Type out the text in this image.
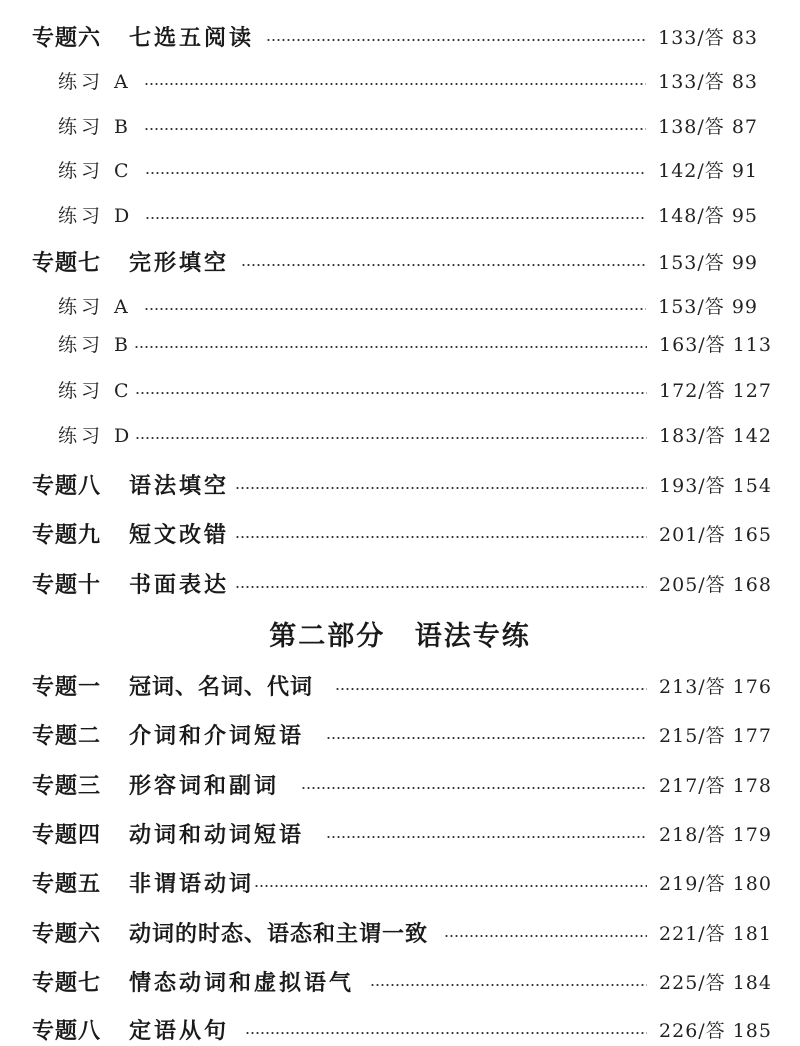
专题六 七选五阅读	133/答 83
练习 A	133/答 83
练习 B	138/答 87
练习 C	142/答 91
练习 D	148/答 95
专题七 完形填空	153/答 99
练习 A	153/答 99
练习 B	163/答 113
练习 C	172/答 127
练习 D	183/答 142
专题八 语法填空	193/答 154
专题九 短文改错	201/答 165
专题十 书面表达	205/答 168
第二部分 语法专练
专题一 冠词、名词、代词	213/答 176
专题二 介词和介词短语	215/答 177
专题三 形容词和副词	217/答 178
专题四 动词和动词短语	218/答 179
专题五 非谓语动词	219/答 180
专题六 动词的时态、语态和主谓一致	221/答 181
专题七 情态动词和虚拟语气	225/答 184
专题八 定语从句	226/答 185
